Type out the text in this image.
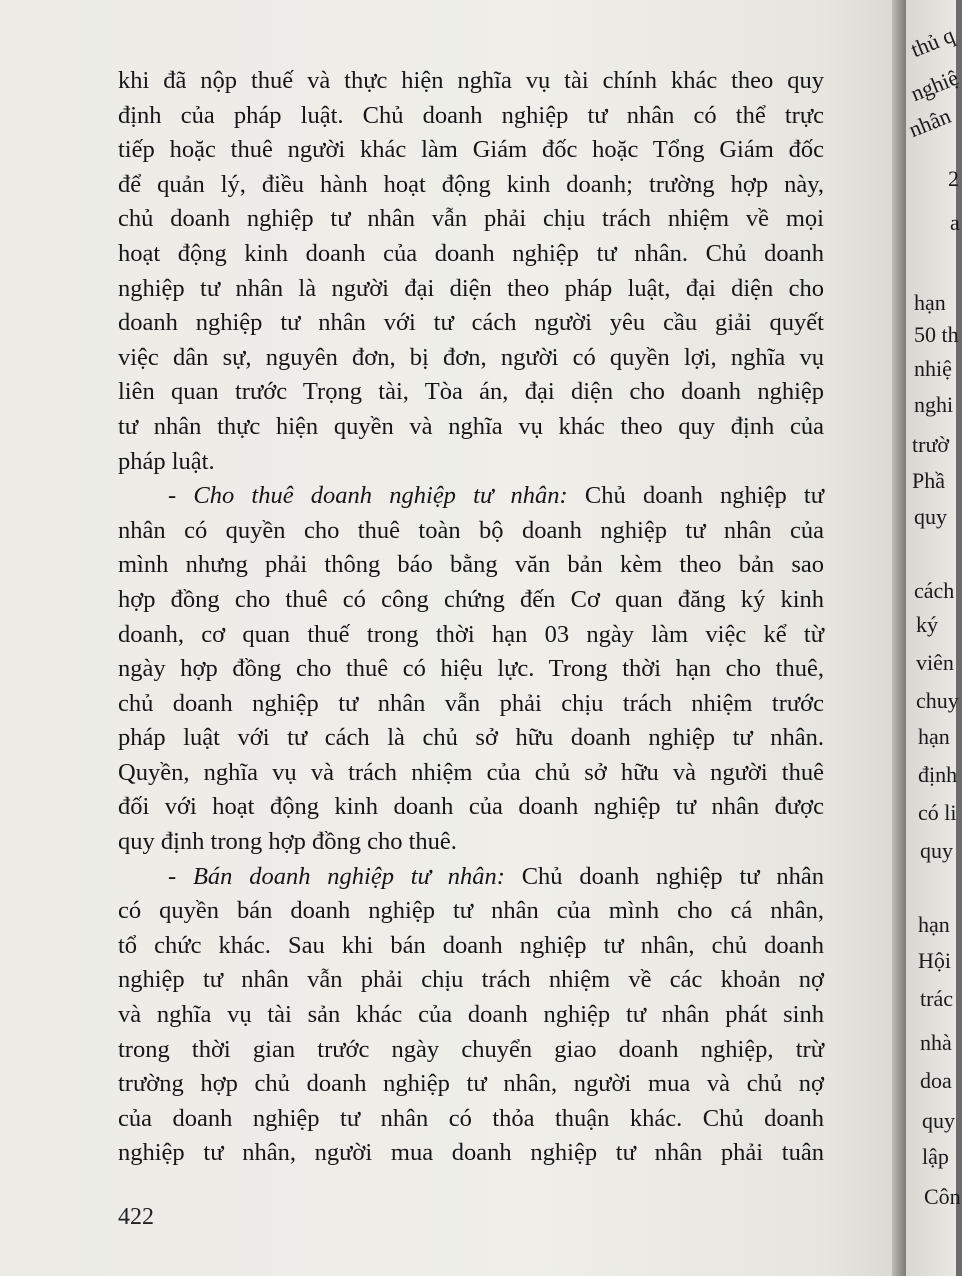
khi đã nộp thuế và thực hiện nghĩa vụ tài chính khác theo quy
định của pháp luật. Chủ doanh nghiệp tư nhân có thể trực
tiếp hoặc thuê người khác làm Giám đốc hoặc Tổng Giám đốc
để quản lý, điều hành hoạt động kinh doanh; trường hợp này,
chủ doanh nghiệp tư nhân vẫn phải chịu trách nhiệm về mọi
hoạt động kinh doanh của doanh nghiệp tư nhân. Chủ doanh
nghiệp tư nhân là người đại diện theo pháp luật, đại diện cho
doanh nghiệp tư nhân với tư cách người yêu cầu giải quyết
việc dân sự, nguyên đơn, bị đơn, người có quyền lợi, nghĩa vụ
liên quan trước Trọng tài, Tòa án, đại diện cho doanh nghiệp
tư nhân thực hiện quyền và nghĩa vụ khác theo quy định của
pháp luật.
- Cho thuê doanh nghiệp tư nhân: Chủ doanh nghiệp tư
nhân có quyền cho thuê toàn bộ doanh nghiệp tư nhân của
mình nhưng phải thông báo bằng văn bản kèm theo bản sao
hợp đồng cho thuê có công chứng đến Cơ quan đăng ký kinh
doanh, cơ quan thuế trong thời hạn 03 ngày làm việc kể từ
ngày hợp đồng cho thuê có hiệu lực. Trong thời hạn cho thuê,
chủ doanh nghiệp tư nhân vẫn phải chịu trách nhiệm trước
pháp luật với tư cách là chủ sở hữu doanh nghiệp tư nhân.
Quyền, nghĩa vụ và trách nhiệm của chủ sở hữu và người thuê
đối với hoạt động kinh doanh của doanh nghiệp tư nhân được
quy định trong hợp đồng cho thuê.
- Bán doanh nghiệp tư nhân: Chủ doanh nghiệp tư nhân
có quyền bán doanh nghiệp tư nhân của mình cho cá nhân,
tổ chức khác. Sau khi bán doanh nghiệp tư nhân, chủ doanh
nghiệp tư nhân vẫn phải chịu trách nhiệm về các khoản nợ
và nghĩa vụ tài sản khác của doanh nghiệp tư nhân phát sinh
trong thời gian trước ngày chuyển giao doanh nghiệp, trừ
trường hợp chủ doanh nghiệp tư nhân, người mua và chủ nợ
của doanh nghiệp tư nhân có thỏa thuận khác. Chủ doanh
nghiệp tư nhân, người mua doanh nghiệp tư nhân phải tuân
422
thủ q
nghiệ
nhân
2
a
hạn
50 th
nhiệ
nghi
trườ
Phầ
quy
cách
ký
viên
chuy
hạn
định
có li
quy
hạn
Hội
trác
nhà
doa
quy
lập
Côn
